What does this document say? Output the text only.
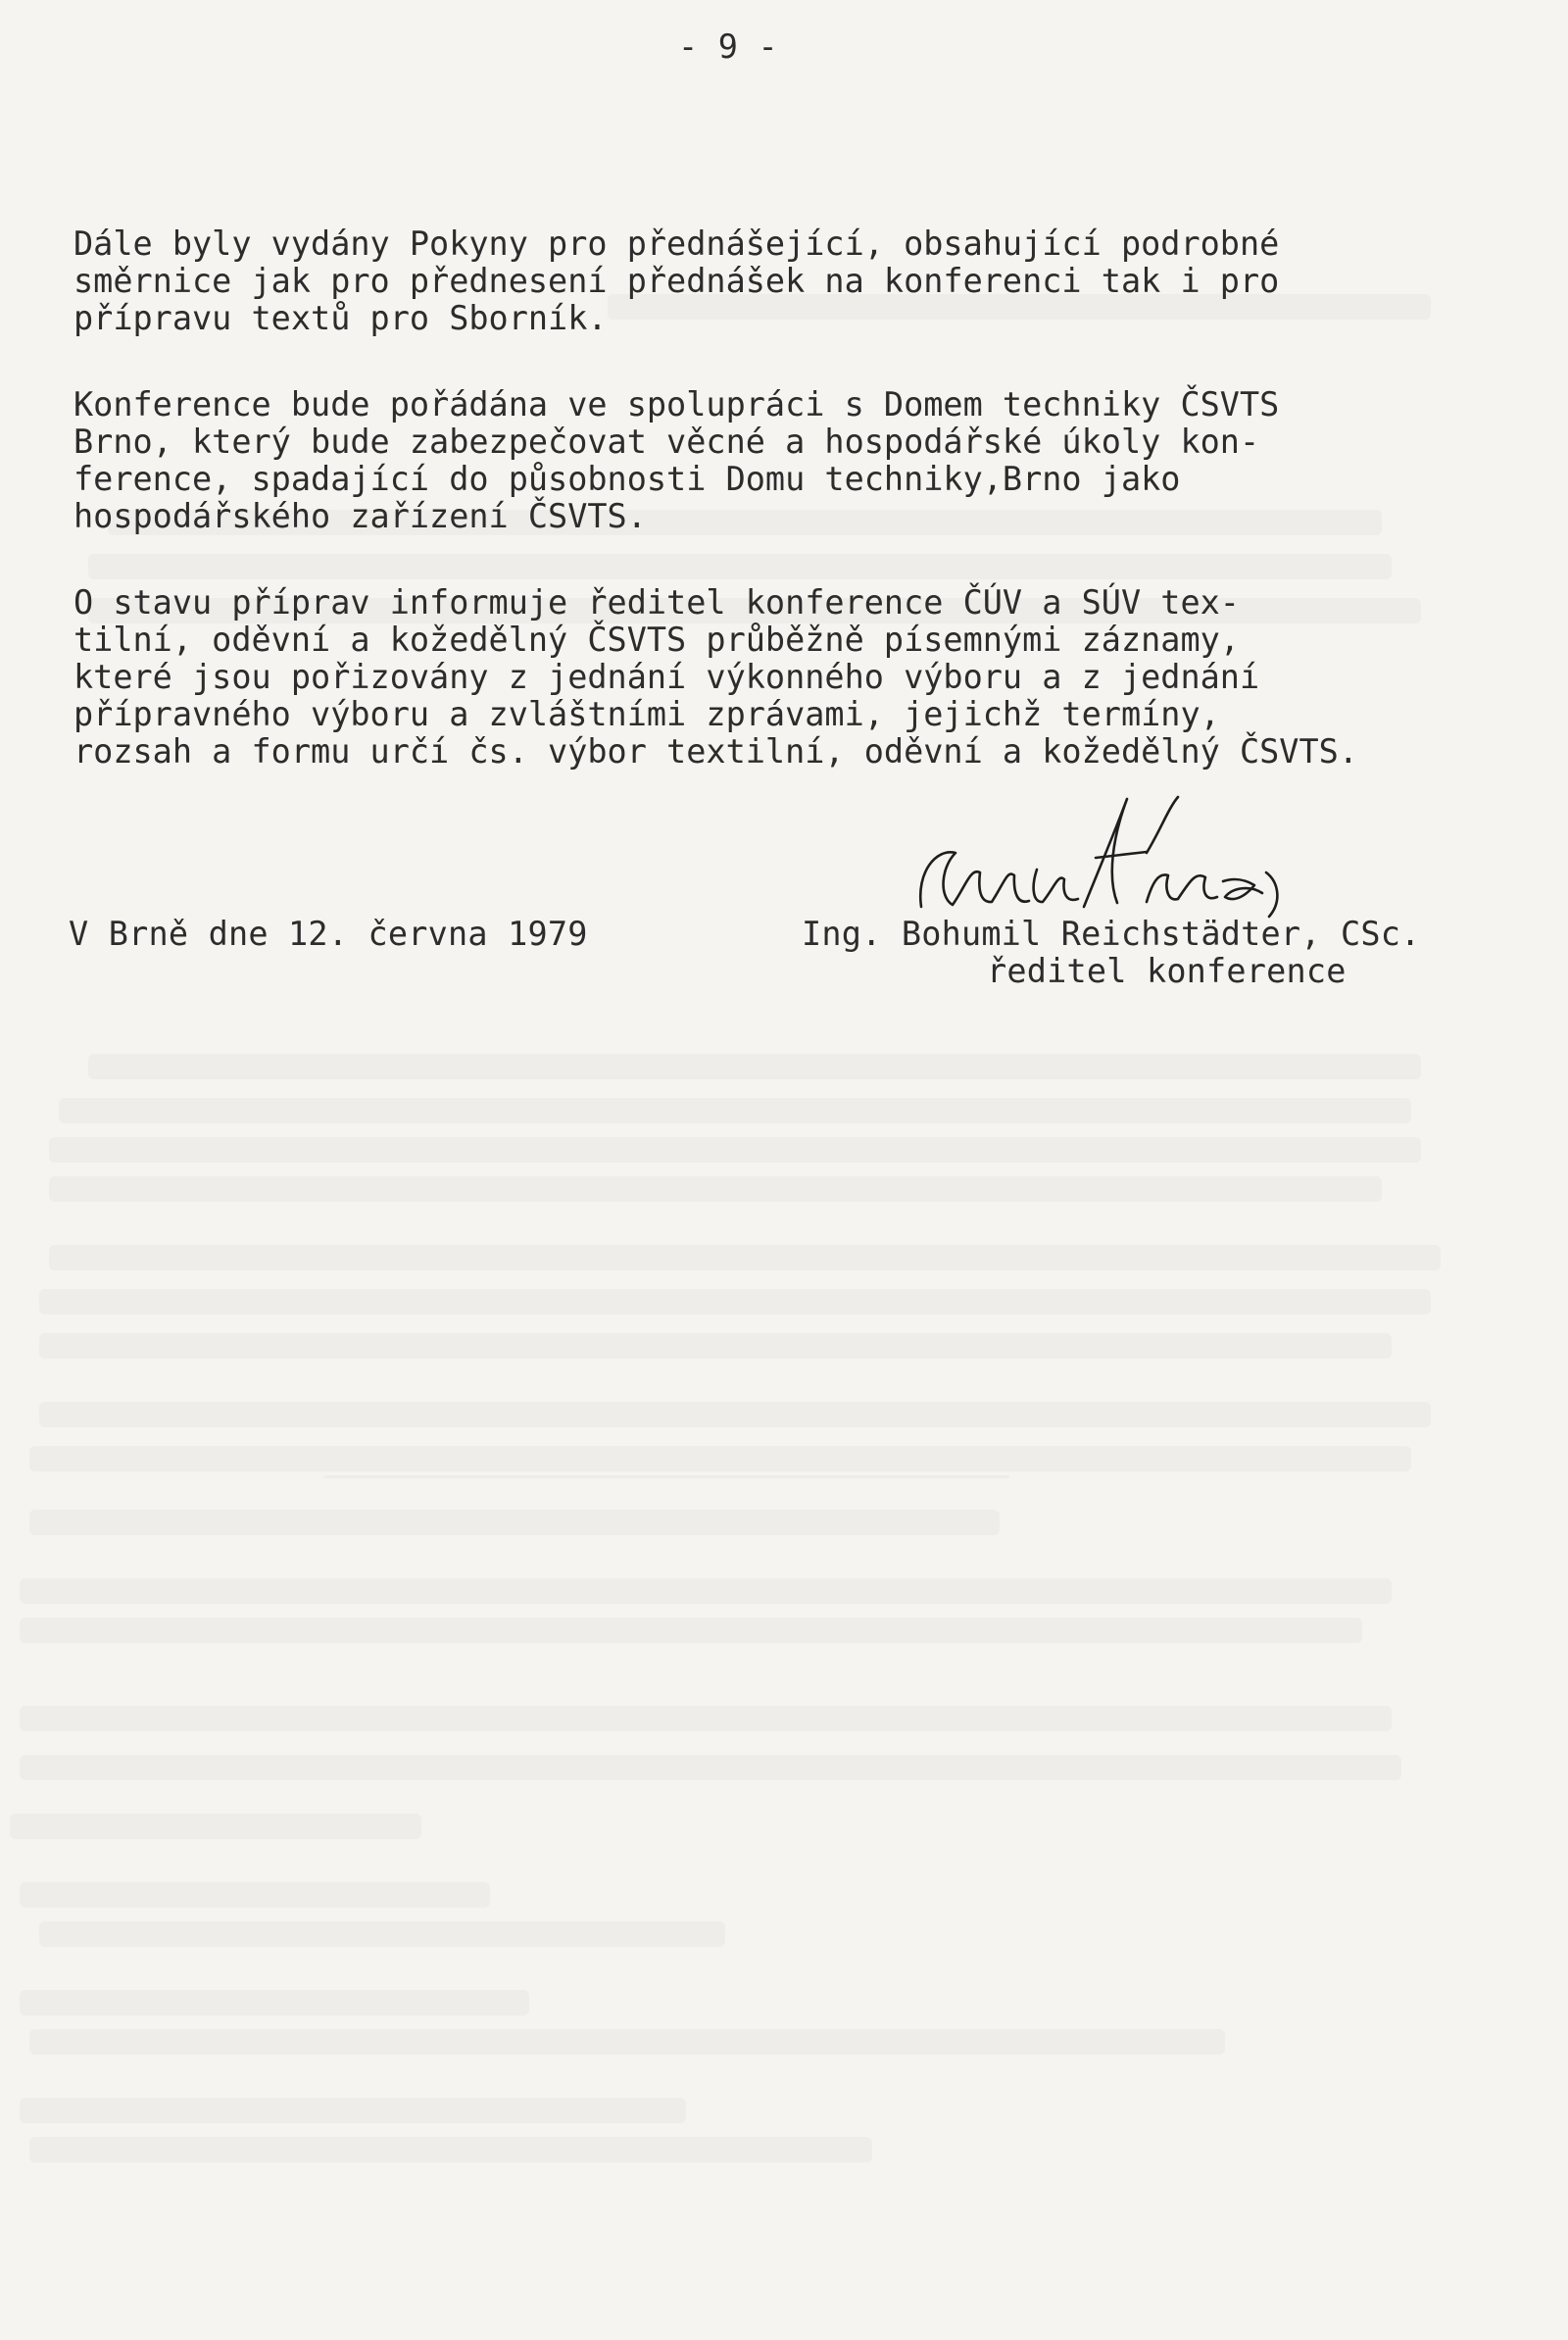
- 9 -
Dále byly vydány Pokyny pro přednášející, obsahující podrobné
směrnice jak pro přednesení přednášek na konferenci tak i pro
přípravu textů pro Sborník.
Konference bude pořádána ve spolupráci s Domem techniky ČSVTS
Brno, který bude zabezpečovat věcné a hospodářské úkoly kon-
ference, spadající do působnosti Domu techniky,Brno jako
hospodářského zařízení ČSVTS.
O stavu příprav informuje ředitel konference ČÚV a SÚV tex-
tilní, oděvní a kožedělný ČSVTS průběžně písemnými záznamy,
které jsou pořizovány z jednání výkonného výboru a z jednání
přípravného výboru a zvláštními zprávami, jejichž termíny,
rozsah a formu určí čs. výbor textilní, oděvní a kožedělný ČSVTS.
V Brně dne 12. června 1979	Ing. Bohumil Reichstädter, CSc.
ředitel konference
